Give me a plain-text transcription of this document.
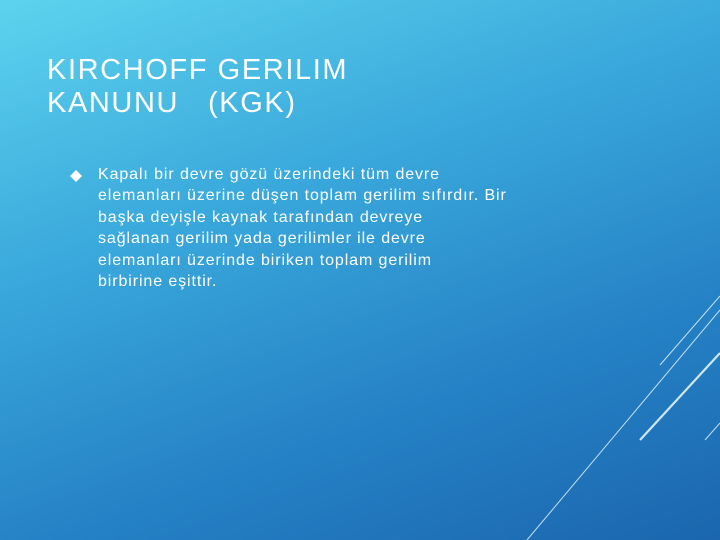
KIRCHOFF GERILIM
KANUNU   (KGK)
Kapalı bir devre gözü üzerindeki tüm devre
elemanları üzerine düşen toplam gerilim sıfırdır. Bir
başka deyişle kaynak tarafından devreye
sağlanan gerilim yada gerilimler ile devre
elemanları üzerinde biriken toplam gerilim
birbirine eşittir.
